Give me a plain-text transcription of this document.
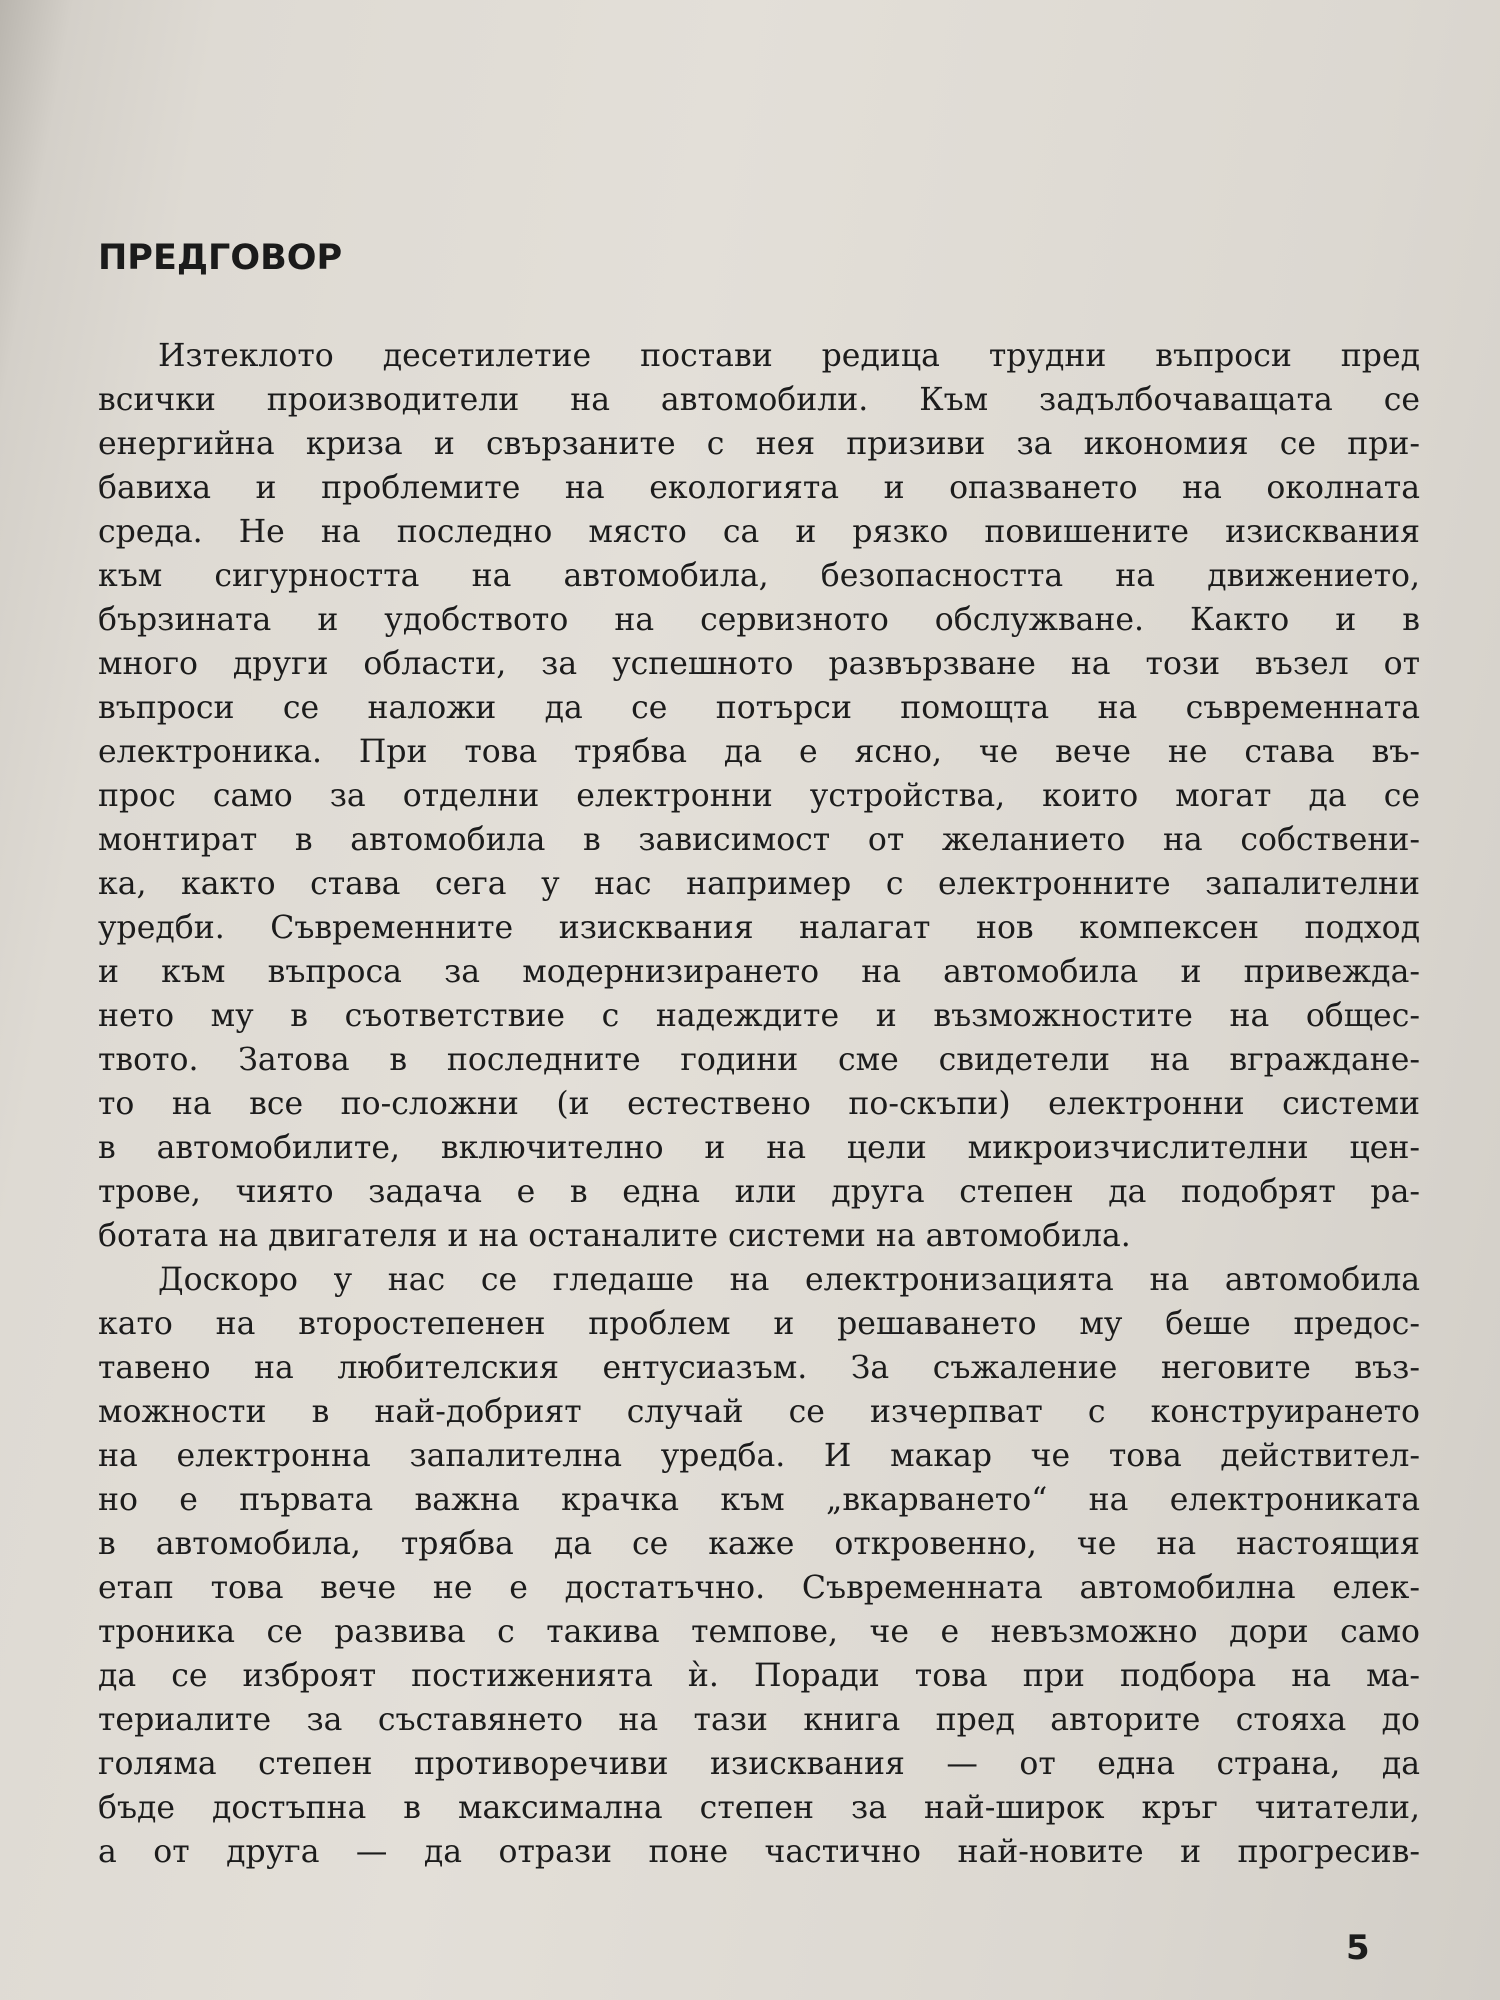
ПРЕДГОВОР

Изтеклото десетилетие постави редица трудни въпроси пред
всички производители на автомобили. Към задълбочаващата се
енергийна криза и свързаните с нея призиви за икономия се при-
бавиха и проблемите на екологията и опазването на околната
среда. Не на последно място са и рязко повишените изисквания
към сигурността на автомобила, безопасността на движението,
бързината и удобството на сервизното обслужване. Както и в
много други области, за успешното развързване на този възел от
въпроси се наложи да се потърси помощта на съвременната
електроника. При това трябва да е ясно, че вече не става въ-
прос само за отделни електронни устройства, които могат да се
монтират в автомобила в зависимост от желанието на собствени-
ка, както става сега у нас например с електронните запалителни
уредби. Съвременните изисквания налагат нов компексен подход
и към въпроса за модернизирането на автомобила и привежда-
нето му в съответствие с надеждите и възможностите на общес-
твото. Затова в последните години сме свидетели на вграждане-
то на все по-сложни (и естествено по-скъпи) електронни системи
в автомобилите, включително и на цели микроизчислителни цен-
трове, чиято задача е в една или друга степен да подобрят ра-
ботата на двигателя и на останалите системи на автомобила.

Доскоро у нас се гледаше на електронизацията на автомобила
като на второстепенен проблем и решаването му беше предос-
тавено на любителския ентусиазъм. За съжаление неговите въз-
можности в най-добрият случай се изчерпват с конструирането
на електронна запалителна уредба. И макар че това действител-
но е първата важна крачка към „вкарването“ на електрониката
в автомобила, трябва да се каже откровенно, че на настоящия
етап това вече не е достатъчно. Съвременната автомобилна елек-
троника се развива с такива темпове, че е невъзможно дори само
да се изброят постиженията ѝ. Поради това при подбора на ма-
териалите за съставянето на тази книга пред авторите стояха до
голяма степен противоречиви изисквания — от една страна, да
бъде достъпна в максимална степен за най-широк кръг читатели,
а от друга — да отрази поне частично най-новите и прогресив-

5
